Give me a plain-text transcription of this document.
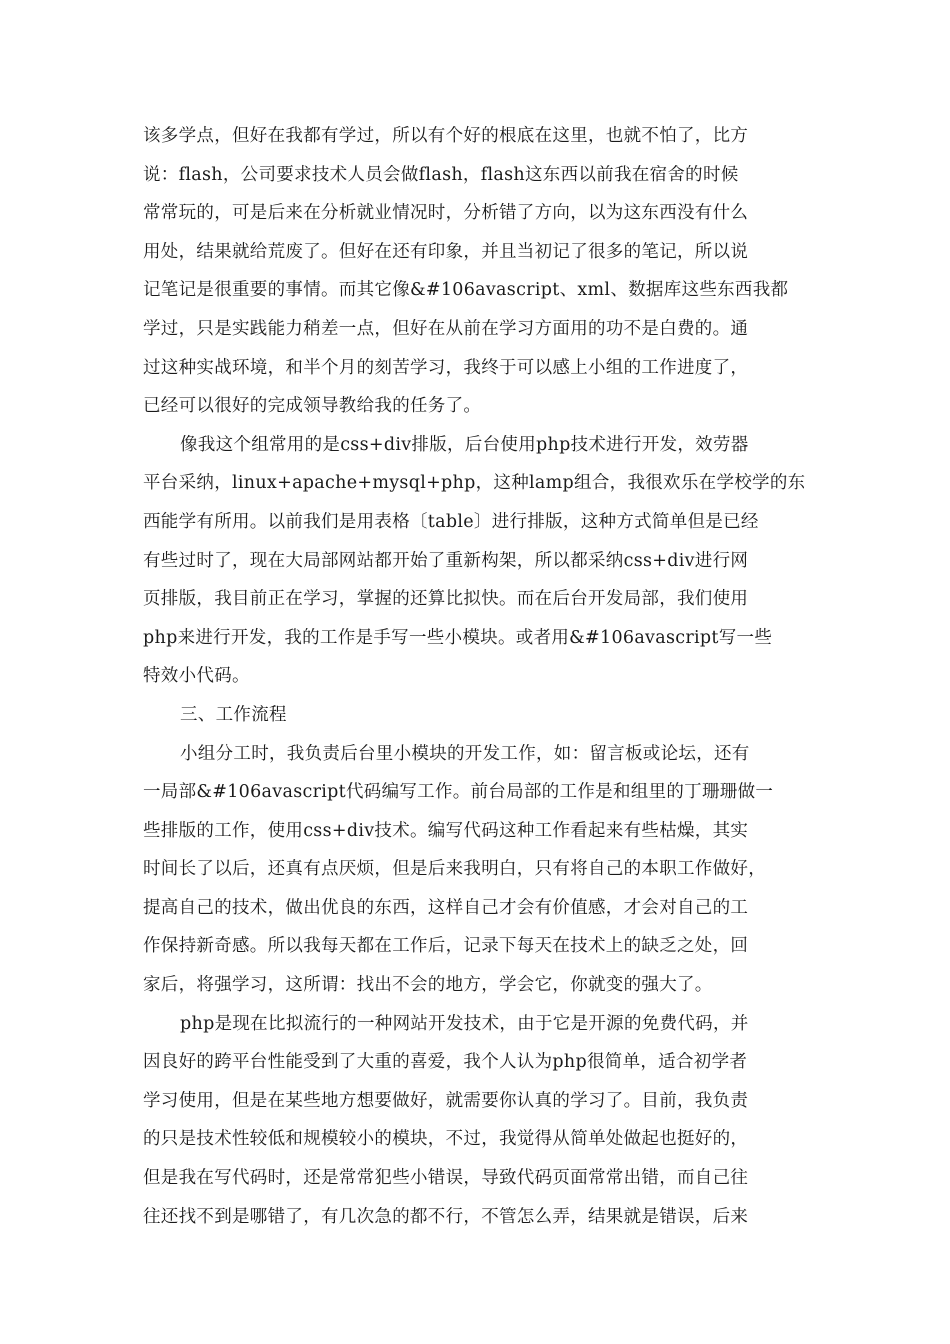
该多学点，但好在我都有学过，所以有个好的根底在这里，也就不怕了，比方
说：flash，公司要求技术人员会做flash，flash这东西以前我在宿舍的时候
常常玩的，可是后来在分析就业情况时，分析错了方向，以为这东西没有什么
用处，结果就给荒废了。但好在还有印象，并且当初记了很多的笔记，所以说
记笔记是很重要的事情。而其它像&#106avascript、xml、数据库这些东西我都
学过，只是实践能力稍差一点，但好在从前在学习方面用的功不是白费的。通
过这种实战环境，和半个月的刻苦学习，我终于可以感上小组的工作进度了，
已经可以很好的完成领导教给我的任务了。
像我这个组常用的是css+div排版，后台使用php技术进行开发，效劳器
平台采纳，linux+apache+mysql+php，这种lamp组合，我很欢乐在学校学的东
西能学有所用。以前我们是用表格〔table〕进行排版，这种方式简单但是已经
有些过时了，现在大局部网站都开始了重新构架，所以都采纳css+div进行网
页排版，我目前正在学习，掌握的还算比拟快。而在后台开发局部，我们使用
php来进行开发，我的工作是手写一些小模块。或者用&#106avascript写一些
特效小代码。
三、工作流程
小组分工时，我负责后台里小模块的开发工作，如：留言板或论坛，还有
一局部&#106avascript代码编写工作。前台局部的工作是和组里的丁珊珊做一
些排版的工作，使用css+div技术。编写代码这种工作看起来有些枯燥，其实
时间长了以后，还真有点厌烦，但是后来我明白，只有将自己的本职工作做好，
提高自己的技术，做出优良的东西，这样自己才会有价值感，才会对自己的工
作保持新奇感。所以我每天都在工作后，记录下每天在技术上的缺乏之处，回
家后，将强学习，这所谓：找出不会的地方，学会它，你就变的强大了。
php是现在比拟流行的一种网站开发技术，由于它是开源的免费代码，并
因良好的跨平台性能受到了大重的喜爱，我个人认为php很简单，适合初学者
学习使用，但是在某些地方想要做好，就需要你认真的学习了。目前，我负责
的只是技术性较低和规模较小的模块，不过，我觉得从简单处做起也挺好的，
但是我在写代码时，还是常常犯些小错误，导致代码页面常常出错，而自己往
往还找不到是哪错了，有几次急的都不行，不管怎么弄，结果就是错误，后来
